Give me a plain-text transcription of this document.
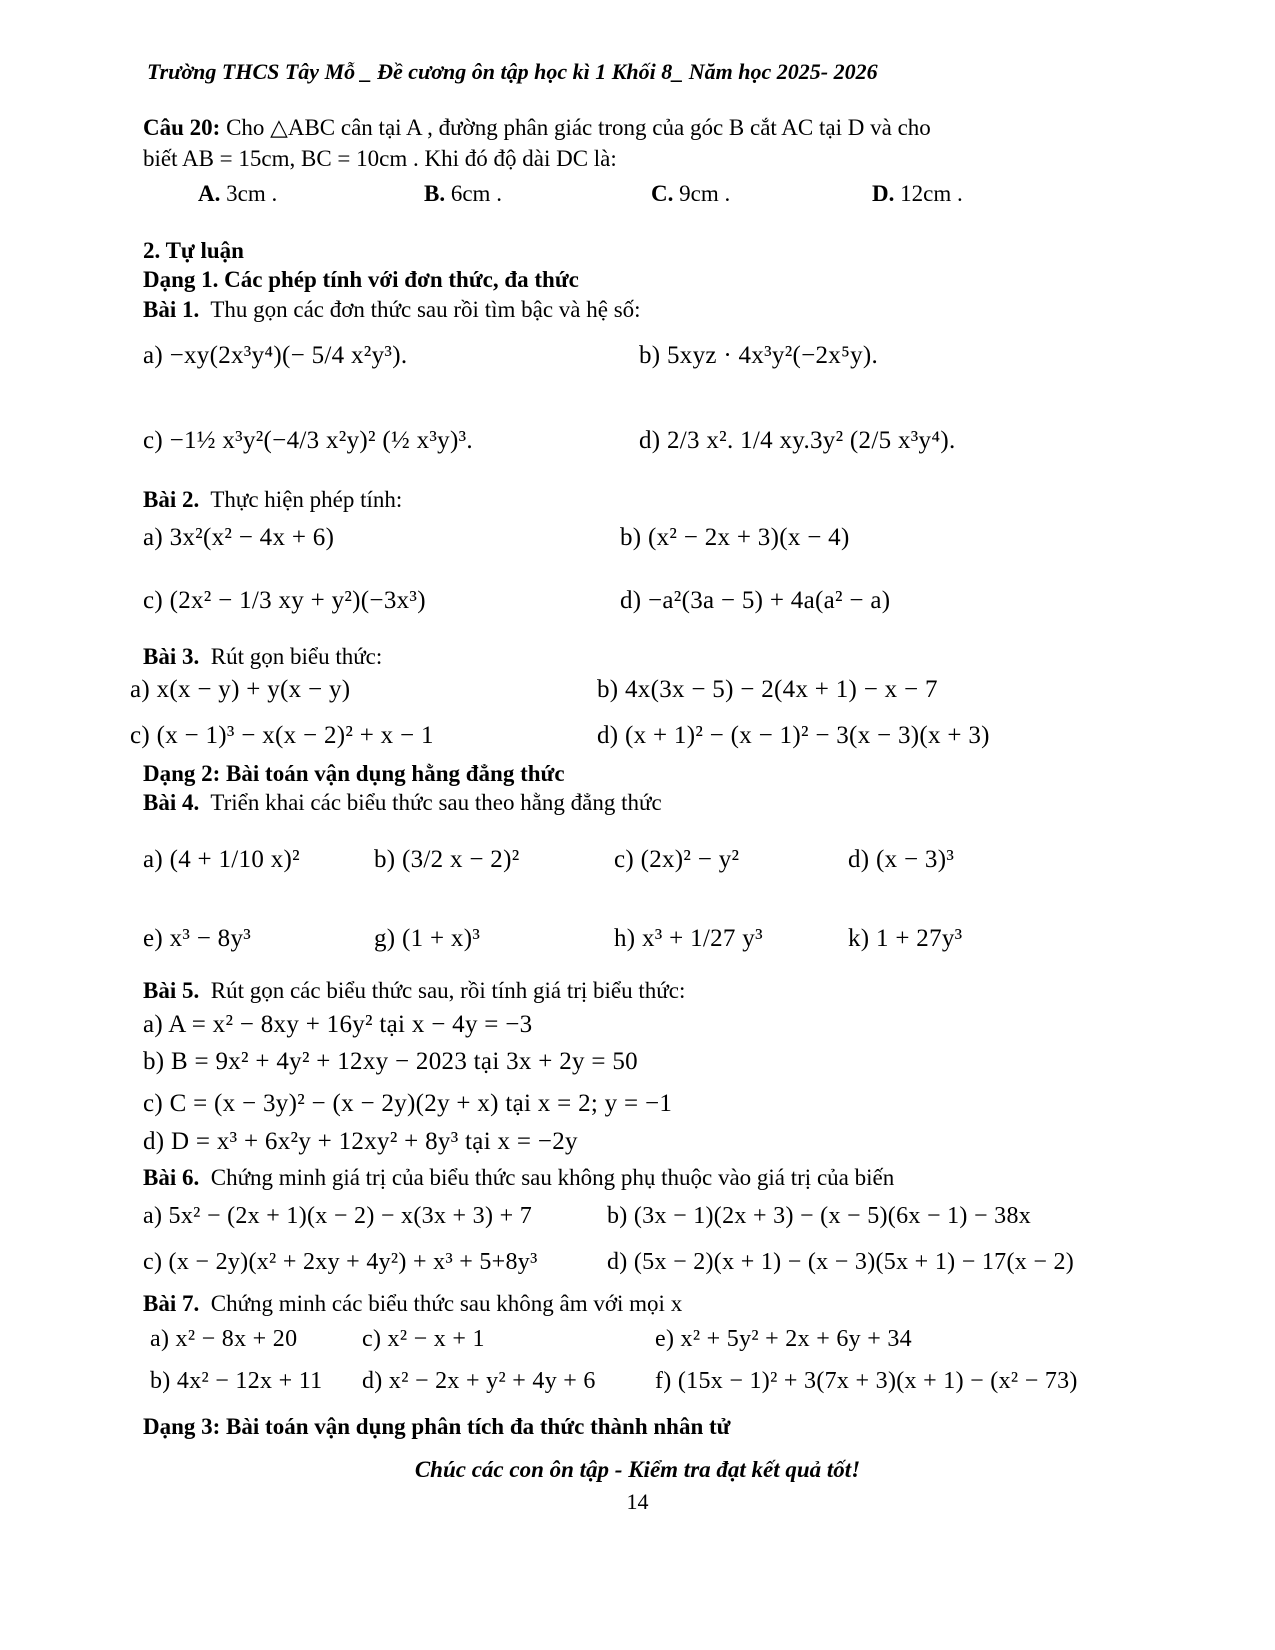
Trường THCS Tây Mỗ _ Đề cương ôn tập học kì 1 Khối 8_ Năm học 2025- 2026
Câu 20: Cho △ABC cân tại A , đường phân giác trong của góc B cắt AC tại D và cho
biết AB = 15cm, BC = 10cm . Khi đó độ dài DC là:
A. 3cm .	B. 6cm .	C. 9cm .	D. 12cm .
2. Tự luận
Dạng 1. Các phép tính với đơn thức, đa thức
Bài 1. Thu gọn các đơn thức sau rồi tìm bậc và hệ số:
a) −xy(2x³y⁴)(− 5/4 x²y³).	b) 5xyz · 4x³y²(−2x⁵y).
c) −1½ x³y²(−4/3 x²y)² (½ x³y)³.	d) 2/3 x². 1/4 xy.3y² (2/5 x³y⁴).
Bài 2. Thực hiện phép tính:
a) 3x²(x² − 4x + 6)	b) (x² − 2x + 3)(x − 4)
c) (2x² − 1/3 xy + y²)(−3x³)	d) −a²(3a − 5) + 4a(a² − a)
Bài 3. Rút gọn biểu thức:
a) x(x − y) + y(x − y)	b) 4x(3x − 5) − 2(4x + 1) − x − 7
c) (x − 1)³ − x(x − 2)² + x − 1	d) (x + 1)² − (x − 1)² − 3(x − 3)(x + 3)
Dạng 2: Bài toán vận dụng hằng đẳng thức
Bài 4. Triển khai các biểu thức sau theo hằng đẳng thức
a) (4 + 1/10 x)²	b) (3/2 x − 2)²	c) (2x)² − y²	d) (x − 3)³
e) x³ − 8y³	g) (1 + x)³	h) x³ + 1/27 y³	k) 1 + 27y³
Bài 5. Rút gọn các biểu thức sau, rồi tính giá trị biểu thức:
a) A = x² − 8xy + 16y² tại x − 4y = −3
b) B = 9x² + 4y² + 12xy − 2023 tại 3x + 2y = 50
c) C = (x − 3y)² − (x − 2y)(2y + x) tại x = 2; y = −1
d) D = x³ + 6x²y + 12xy² + 8y³ tại x = −2y
Bài 6. Chứng minh giá trị của biểu thức sau không phụ thuộc vào giá trị của biến
a) 5x² − (2x + 1)(x − 2) − x(3x + 3) + 7	b) (3x − 1)(2x + 3) − (x − 5)(6x − 1) − 38x
c) (x − 2y)(x² + 2xy + 4y²) + x³ + 5+8y³	d) (5x − 2)(x + 1) − (x − 3)(5x + 1) − 17(x − 2)
Bài 7. Chứng minh các biểu thức sau không âm với mọi x
a) x² − 8x + 20	c) x² − x + 1	e) x² + 5y² + 2x + 6y + 34
b) 4x² − 12x + 11 d) x² − 2x + y² + 4y + 6 f) (15x − 1)² + 3(7x + 3)(x + 1) − (x² − 73)
Dạng 3: Bài toán vận dụng phân tích đa thức thành nhân tử
Chúc các con ôn tập - Kiểm tra đạt kết quả tốt!
14
